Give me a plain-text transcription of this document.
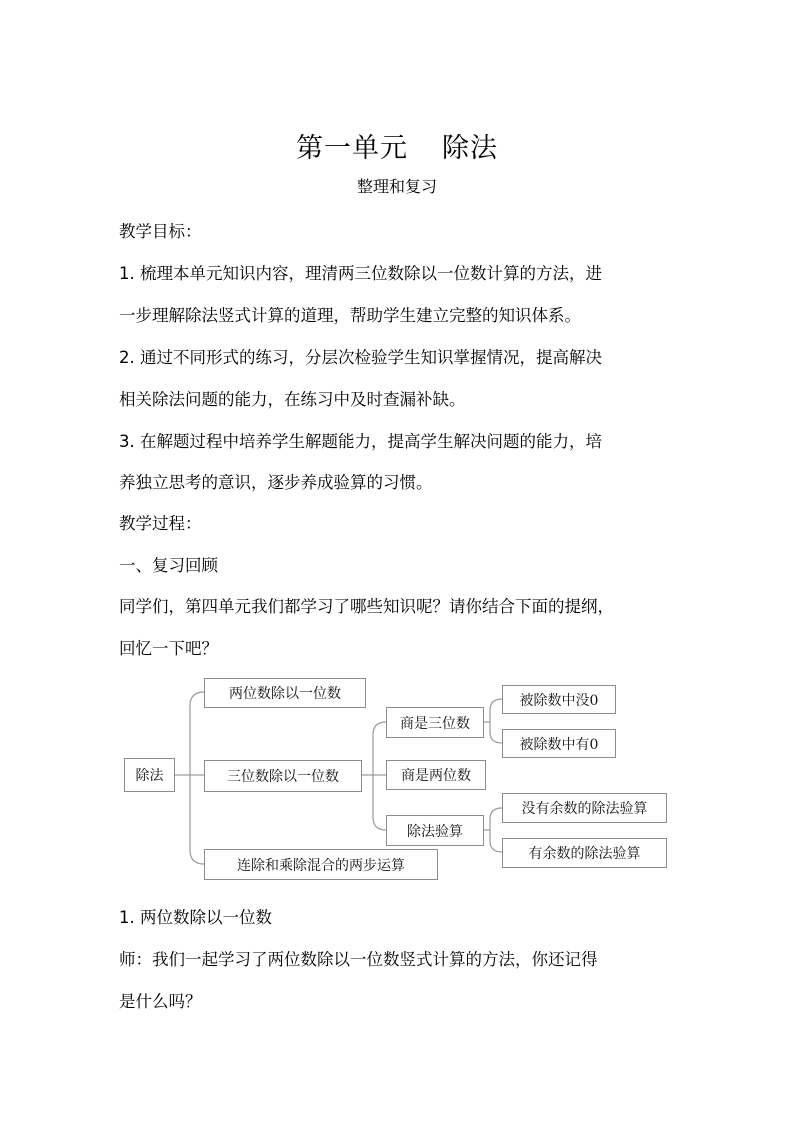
第一单元 除法
整理和复习
教学目标：
1. 梳理本单元知识内容，理清两三位数除以一位数计算的方法，进
一步理解除法竖式计算的道理，帮助学生建立完整的知识体系。
2. 通过不同形式的练习，分层次检验学生知识掌握情况，提高解决
相关除法问题的能力，在练习中及时查漏补缺。
3. 在解题过程中培养学生解题能力，提高学生解决问题的能力，培
养独立思考的意识，逐步养成验算的习惯。
教学过程：
一、复习回顾
同学们，第四单元我们都学习了哪些知识呢？请你结合下面的提纲，
回忆一下吧？
除法
两位数除以一位数
三位数除以一位数
连除和乘除混合的两步运算
商是三位数
商是两位数
除法验算
被除数中没0
被除数中有0
没有余数的除法验算
有余数的除法验算
1. 两位数除以一位数
师：我们一起学习了两位数除以一位数竖式计算的方法，你还记得
是什么吗？
